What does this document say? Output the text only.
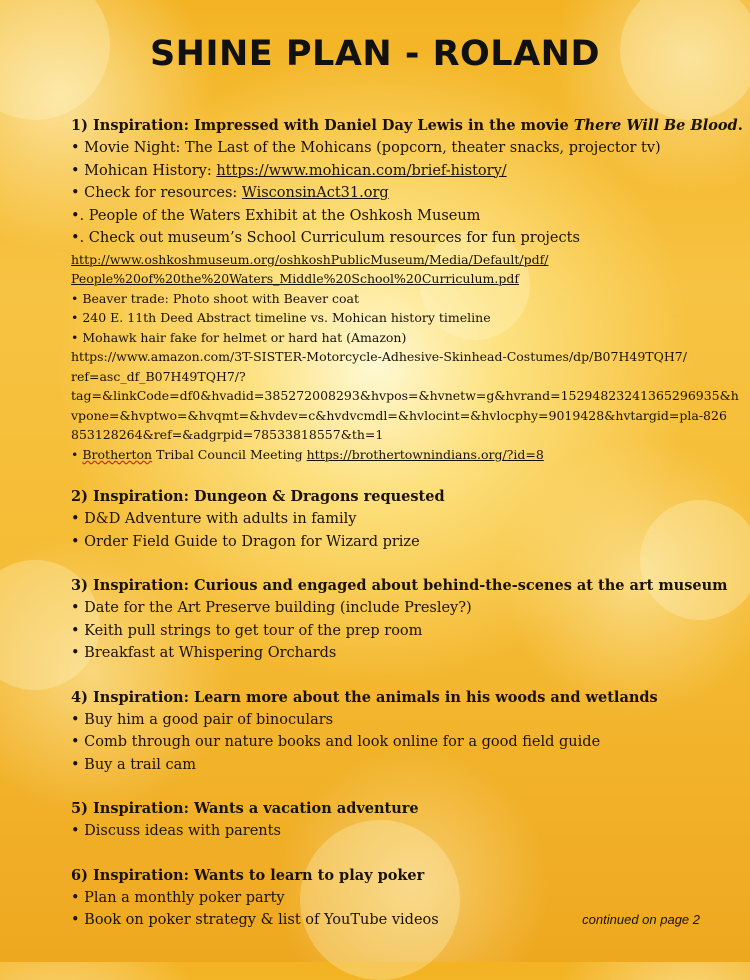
SHINE PLAN - ROLAND
1) Inspiration: Impressed with Daniel Day Lewis in the movie There Will Be Blood.
• Movie Night: The Last of the Mohicans (popcorn, theater snacks, projector tv)
• Mohican History: https://www.mohican.com/brief-history/
• Check for resources: WisconsinAct31.org
•. People of the Waters Exhibit at the Oshkosh Museum
•. Check out museum’s School Curriculum resources for fun projects
http://www.oshkoshmuseum.org/oshkoshPublicMuseum/Media/Default/pdf/
People%20of%20the%20Waters_Middle%20School%20Curriculum.pdf
• Beaver trade: Photo shoot with Beaver coat
• 240 E. 11th Deed Abstract timeline vs. Mohican history timeline
• Mohawk hair fake for helmet or hard hat (Amazon)
https://www.amazon.com/3T-SISTER-Motorcycle-Adhesive-Skinhead-Costumes/dp/B07H49TQH7/
ref=asc_df_B07H49TQH7/?
tag=&linkCode=df0&hvadid=385272008293&hvpos=&hvnetw=g&hvrand=15294823241365296935&h
vpone=&hvptwo=&hvqmt=&hvdev=c&hvdvcmdl=&hvlocint=&hvlocphy=9019428&hvtargid=pla-826
853128264&ref=&adgrpid=78533818557&th=1
• Brotherton Tribal Council Meeting https://brothertownindians.org/?id=8
2) Inspiration: Dungeon & Dragons requested
• D&D Adventure with adults in family
• Order Field Guide to Dragon for Wizard prize
3) Inspiration: Curious and engaged about behind-the-scenes at the art museum
• Date for the Art Preserve building (include Presley?)
• Keith pull strings to get tour of the prep room
• Breakfast at Whispering Orchards
4) Inspiration: Learn more about the animals in his woods and wetlands
• Buy him a good pair of binoculars
• Comb through our nature books and look online for a good field guide
• Buy a trail cam
5) Inspiration: Wants a vacation adventure
• Discuss ideas with parents
6) Inspiration: Wants to learn to play poker
• Plan a monthly poker party
• Book on poker strategy & list of YouTube videos	continued on page 2
